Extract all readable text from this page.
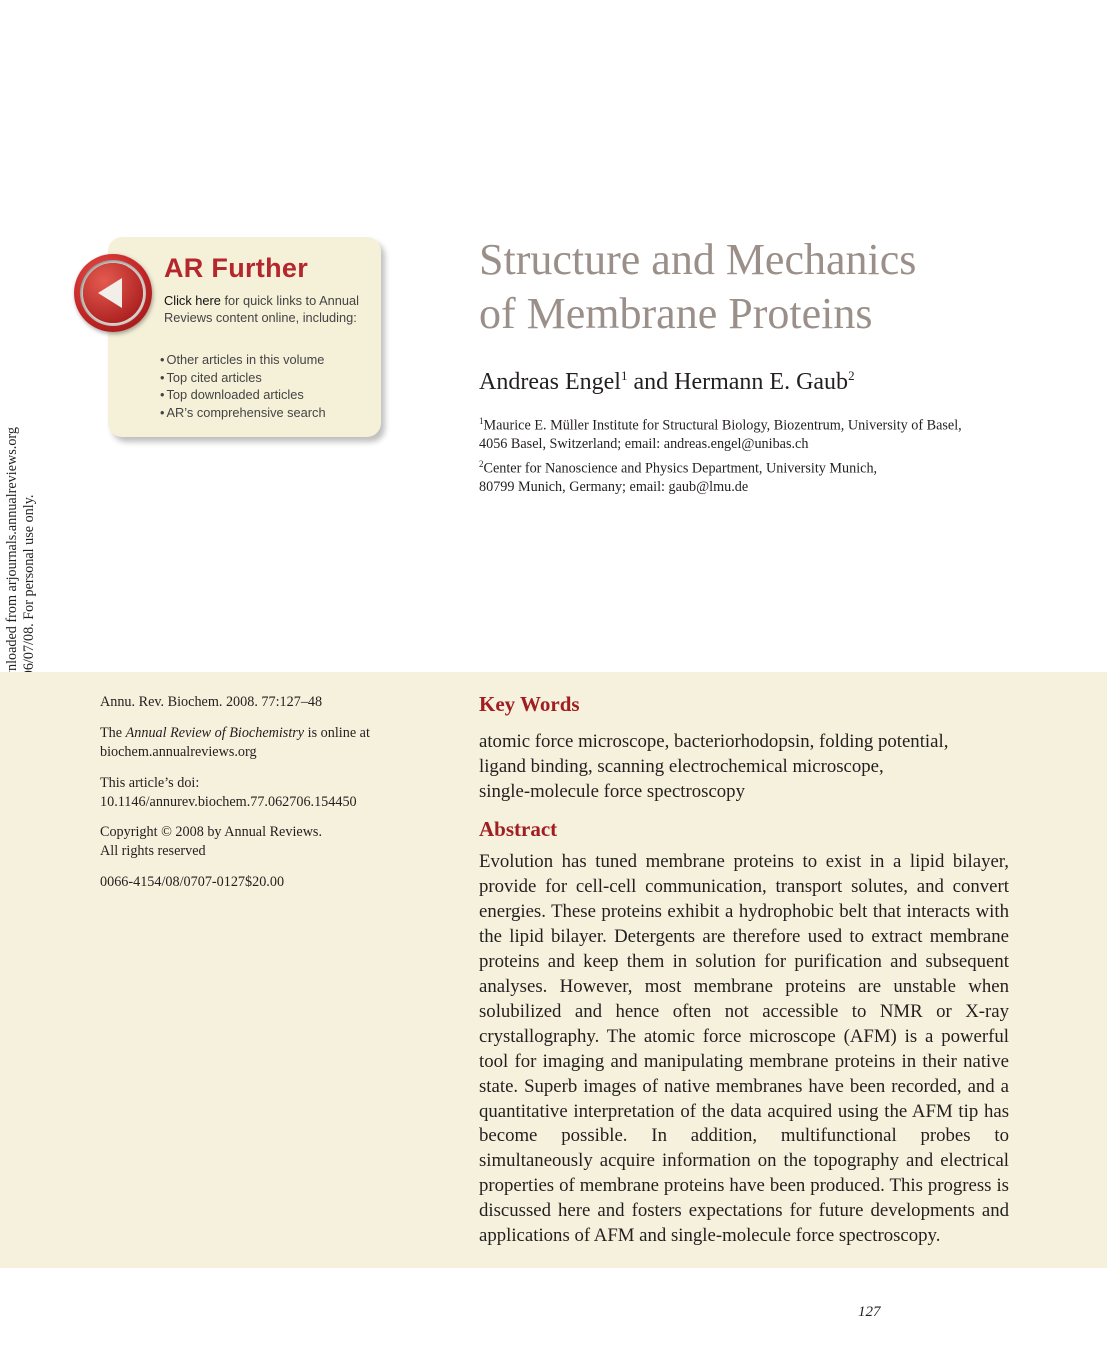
AR Further
Click here for quick links to Annual Reviews content online, including:
• Other articles in this volume
• Top cited articles
• Top downloaded articles
• AR’s comprehensive search
Structure and Mechanics
of Membrane Proteins
Andreas Engel$^1$ and Hermann E. Gaub$^2$
$^1$Maurice E. Müller Institute for Structural Biology, Biozentrum, University of Basel,
4056 Basel, Switzerland; email: andreas.engel@unibas.ch
$^2$Center for Nanoscience and Physics Department, University Munich,
80799 Munich, Germany; email: gaub@lmu.de
Annu. Rev. Biochem. 2008. 77:127–48
The Annual Review of Biochemistry is online at
biochem.annualreviews.org
This article’s doi:
10.1146/annurev.biochem.77.062706.154450
Copyright © 2008 by Annual Reviews.
All rights reserved
0066-4154/08/0707-0127$20.00
Key Words
atomic force microscope, bacteriorhodopsin, folding potential,
ligand binding, scanning electrochemical microscope,
single-molecule force spectroscopy
Abstract
Evolution has tuned membrane proteins to exist in a lipid bilayer, provide for cell-cell communication, transport solutes, and convert energies. These proteins exhibit a hydrophobic belt that interacts with the lipid bilayer. Detergents are therefore used to extract membrane proteins and keep them in solution for purification and subsequent analyses. However, most membrane proteins are unstable when solubilized and hence often not accessible to NMR or X-ray crystallography. The atomic force microscope (AFM) is a powerful tool for imaging and manipulating membrane proteins in their native state. Superb images of native membranes have been recorded, and a quantitative interpretation of the data acquired using the AFM tip has become possible. In addition, multifunctional probes to simultaneously acquire information on the topography and electrical properties of membrane proteins have been produced. This progress is discussed here and fosters expectations for future developments and applications of AFM and single-molecule force spectroscopy.
127
